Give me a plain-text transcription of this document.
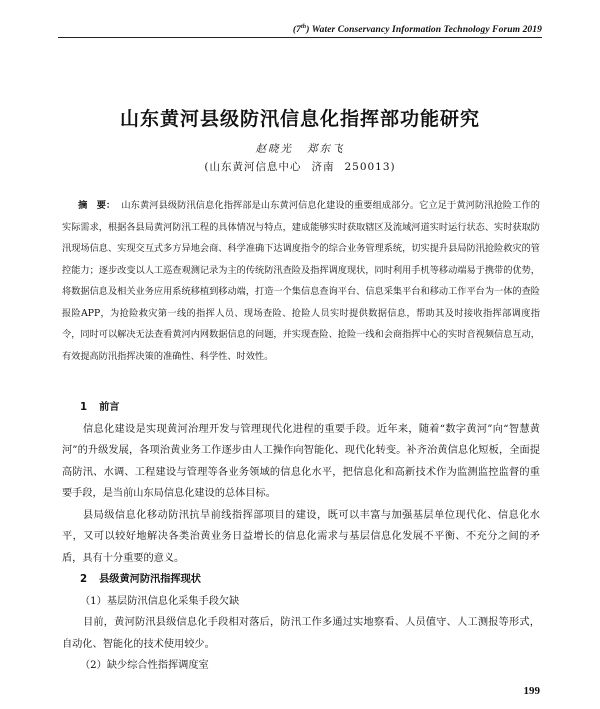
(7th) Water Conservancy Information Technology Forum 2019
山东黄河县级防汛信息化指挥部功能研究
赵晓光 郑东飞
(山东黄河信息中心 济南 250013)
摘　要： 山东黄河县级防汛信息化指挥部是山东黄河信息化建设的重要组成部分。它立足于黄河防汛抢险工作的实际需求，根据各县局黄河防汛工程的具体情况与特点，建成能够实时获取辖区及流域河道实时运行状态、实时获取防汛现场信息、实现交互式多方异地会商、科学准确下达调度指令的综合业务管理系统，切实提升县局防汛抢险救灾的管控能力；逐步改变以人工巡查观测记录为主的传统防汛查险及指挥调度现状，同时利用手机等移动端易于携带的优势，将数据信息及相关业务应用系统移植到移动端，打造一个集信息查询平台、信息采集平台和移动工作平台为一体的查险报险APP，为抢险救灾第一线的指挥人员、现场查险、抢险人员实时提供数据信息，帮助其及时接收指挥部调度指令，同时可以解决无法查看黄河内网数据信息的问题，并实现查险、抢险一线和会商指挥中心的实时音视频信息互动，有效提高防汛指挥决策的准确性、科学性、时效性。

1 前言

信息化建设是实现黄河治理开发与管理现代化进程的重要手段。近年来，随着“数字黄河”向“智慧黄河”的升级发展，各项治黄业务工作逐步由人工操作向智能化、现代化转变。补齐治黄信息化短板，全面提高防汛、水调、工程建设与管理等各业务领域的信息化水平，把信息化和高新技术作为监测监控监督的重要手段，是当前山东局信息化建设的总体目标。

县局级信息化移动防汛抗旱前线指挥部项目的建设，既可以丰富与加强基层单位现代化、信息化水平，又可以较好地解决各类治黄业务日益增长的信息化需求与基层信息化发展不平衡、不充分之间的矛盾，具有十分重要的意义。

2 县级黄河防汛指挥现状

（1）基层防汛信息化采集手段欠缺

目前，黄河防汛县级信息化手段相对落后，防汛工作多通过实地察看、人员值守、人工测报等形式，自动化、智能化的技术使用较少。

（2）缺少综合性指挥调度室

199
